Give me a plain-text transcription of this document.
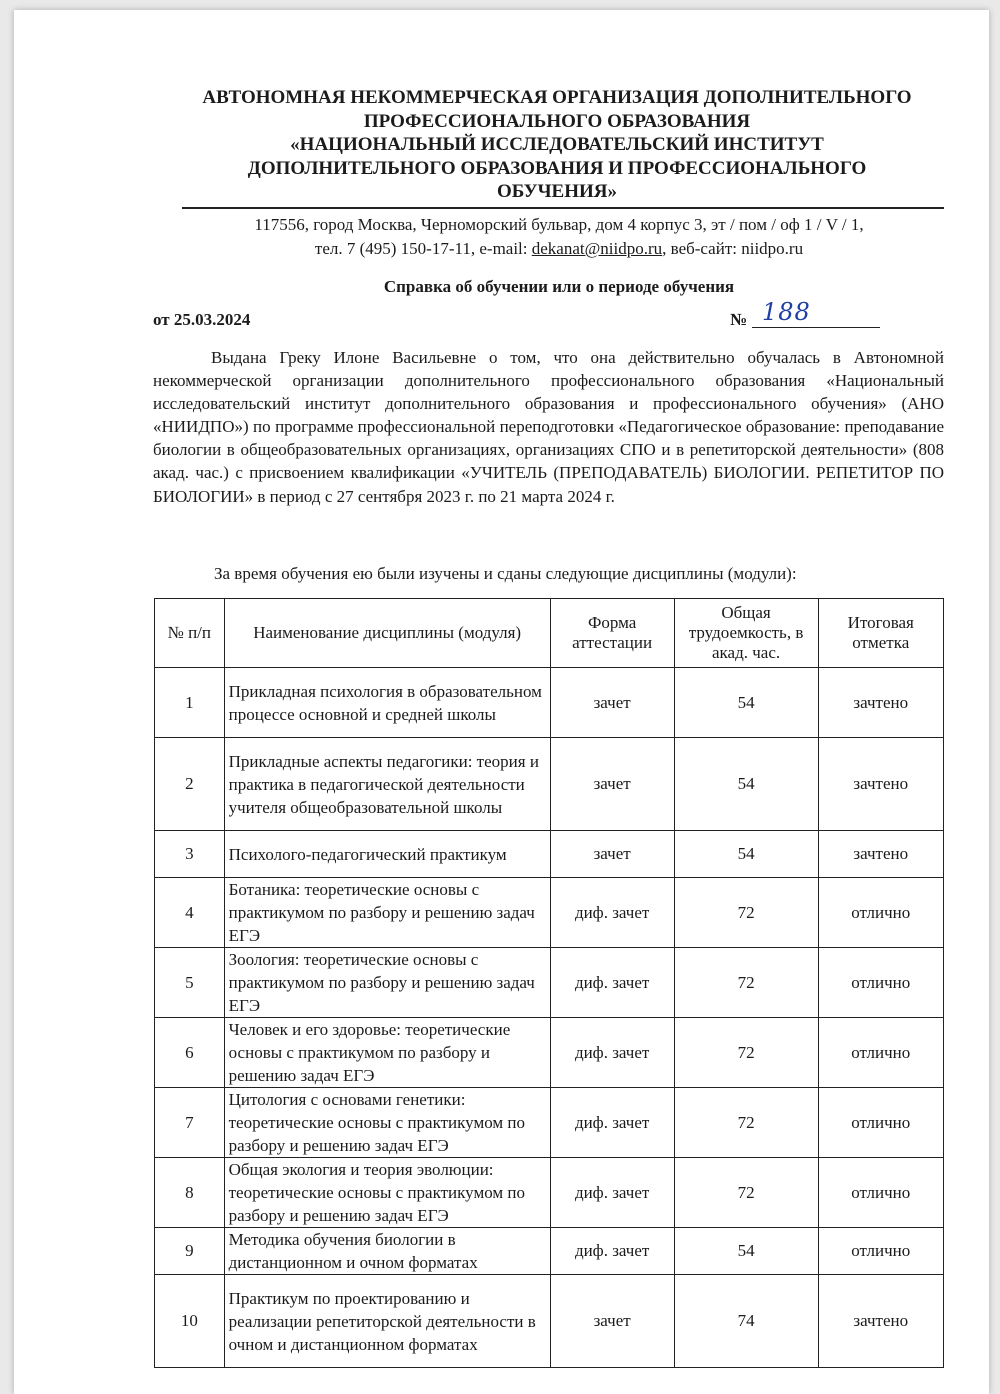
АВТОНОМНАЯ НЕКОММЕРЧЕСКАЯ ОРГАНИЗАЦИЯ ДОПОЛНИТЕЛЬНОГО
ПРОФЕССИОНАЛЬНОГО ОБРАЗОВАНИЯ
«НАЦИОНАЛЬНЫЙ ИССЛЕДОВАТЕЛЬСКИЙ ИНСТИТУТ
ДОПОЛНИТЕЛЬНОГО ОБРАЗОВАНИЯ И ПРОФЕССИОНАЛЬНОГО
ОБУЧЕНИЯ»
117556, город Москва, Черноморский бульвар, дом 4 корпус 3, эт / пом / оф 1 / V / 1,
тел. 7 (495) 150-17-11, e-mail: dekanat@niidpo.ru, веб-сайт: niidpo.ru
Справка об обучении или о периоде обучения
от 25.03.2024	№ 188

Выдана Греку Илоне Васильевне о том, что она действительно обучалась в Автономной некоммерческой организации дополнительного профессионального образования «Национальный исследовательский институт дополнительного образования и профессионального обучения» (АНО «НИИДПО») по программе профессиональной переподготовки «Педагогическое образование: преподавание биологии в общеобразовательных организациях, организациях СПО и в репетиторской деятельности» (808 акад. час.) с присвоением квалификации «УЧИТЕЛЬ (ПРЕПОДАВАТЕЛЬ) БИОЛОГИИ. РЕПЕТИТОР ПО БИОЛОГИИ» в период с 27 сентября 2023 г. по 21 марта 2024 г.

За время обучения ею были изучены и сданы следующие дисциплины (модули):
№ п/п	Наименование дисциплины (модуля)	Форма аттестации	Общая трудоемкость, в акад. час.	Итоговая отметка
1	Прикладная психология в образовательном процессе основной и средней школы	зачет	54	зачтено
2	Прикладные аспекты педагогики: теория и практика в педагогической деятельности учителя общеобразовательной школы	зачет	54	зачтено
3	Психолого-педагогический практикум	зачет	54	зачтено
4	Ботаника: теоретические основы с практикумом по разбору и решению задач ЕГЭ	диф. зачет	72	отлично
5	Зоология: теоретические основы с практикумом по разбору и решению задач ЕГЭ	диф. зачет	72	отлично
6	Человек и его здоровье: теоретические основы с практикумом по разбору и решению задач ЕГЭ	диф. зачет	72	отлично
7	Цитология с основами генетики: теоретические основы с практикумом по разбору и решению задач ЕГЭ	диф. зачет	72	отлично
8	Общая экология и теория эволюции: теоретические основы с практикумом по разбору и решению задач ЕГЭ	диф. зачет	72	отлично
9	Методика обучения биологии в дистанционном и очном форматах	диф. зачет	54	отлично
10	Практикум по проектированию и реализации репетиторской деятельности в очном и дистанционном форматах	зачет	74	зачтено
